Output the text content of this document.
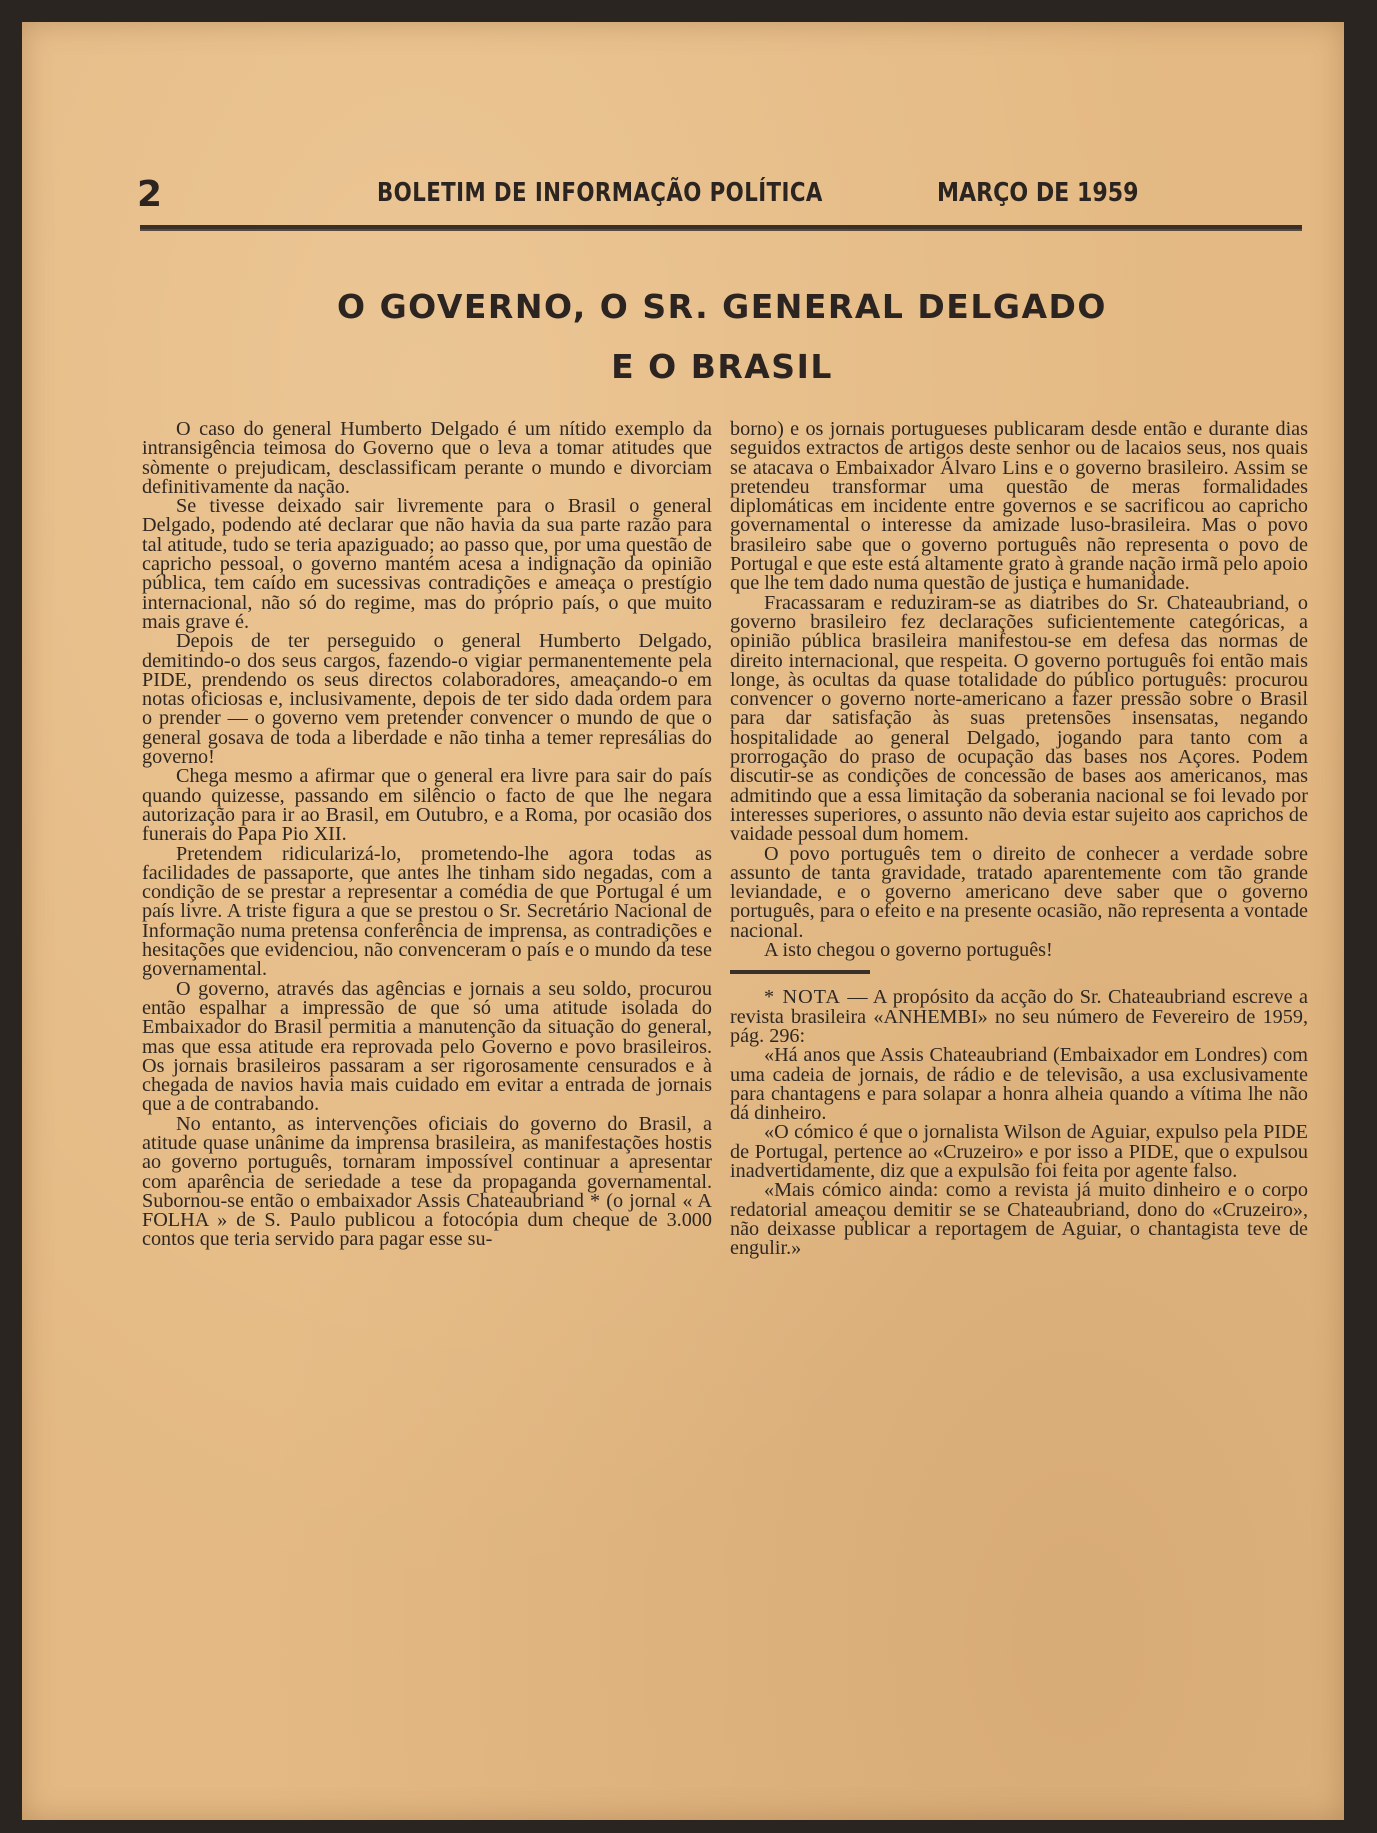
2	BOLETIM DE INFORMAÇÃO POLÍTICA	MARÇO DE 1959
O GOVERNO, O SR. GENERAL DELGADO
E O BRASIL

O caso do general Humberto Delgado é um nítido exemplo da intransigência teimosa do Governo que o leva a tomar atitudes que sòmente o prejudicam, desclassificam perante o mundo e divorciam definitivamente da nação.

Se tivesse deixado sair livremente para o Brasil o general Delgado, podendo até declarar que não havia da sua parte razão para tal atitude, tudo se teria apaziguado; ao passo que, por uma questão de capricho pessoal, o governo mantém acesa a indignação da opinião pública, tem caído em sucessivas contradições e ameaça o prestígio internacional, não só do regime, mas do próprio país, o que muito mais grave é.

Depois de ter perseguido o general Humberto Delgado, demitindo-o dos seus cargos, fazendo-o vigiar permanentemente pela PIDE, prendendo os seus directos colaboradores, ameaçando-o em notas oficiosas e, inclusivamente, depois de ter sido dada ordem para o prender — o governo vem pretender convencer o mundo de que o general gosava de toda a liberdade e não tinha a temer represálias do governo!

Chega mesmo a afirmar que o general era livre para sair do país quando quizesse, passando em silêncio o facto de que lhe negara autorização para ir ao Brasil, em Outubro, e a Roma, por ocasião dos funerais do Papa Pio XII.

Pretendem ridicularizá-lo, prometendo-lhe agora todas as facilidades de passaporte, que antes lhe tinham sido negadas, com a condição de se prestar a representar a comédia de que Portugal é um país livre. A triste figura a que se prestou o Sr. Secretário Nacional de Informação numa pretensa conferência de imprensa, as contradições e hesitações que evidenciou, não convenceram o país e o mundo da tese governamental.

O governo, através das agências e jornais a seu soldo, procurou então espalhar a impressão de que só uma atitude isolada do Embaixador do Brasil permitia a manutenção da situação do general, mas que essa atitude era reprovada pelo Governo e povo brasileiros. Os jornais brasileiros passaram a ser rigorosamente censurados e à chegada de navios havia mais cuidado em evitar a entrada de jornais que a de contrabando.

No entanto, as intervenções oficiais do governo do Brasil, a atitude quase unânime da imprensa brasileira, as manifestações hostis ao governo português, tornaram impossível continuar a apresentar com aparência de seriedade a tese da propaganda governamental. Subornou-se então o embaixador Assis Chateaubriand * (o jornal « A FOLHA » de S. Paulo publicou a fotocópia dum cheque de 3.000 contos que teria servido para pagar esse su-

borno) e os jornais portugueses publicaram desde então e durante dias seguidos extractos de artigos deste senhor ou de lacaios seus, nos quais se atacava o Embaixador Álvaro Lins e o governo brasileiro. Assim se pretendeu transformar uma questão de meras formalidades diplomáticas em incidente entre governos e se sacrificou ao capricho governamental o interesse da amizade luso-brasileira. Mas o povo brasileiro sabe que o governo português não representa o povo de Portugal e que este está altamente grato à grande nação irmã pelo apoio que lhe tem dado numa questão de justiça e humanidade.

Fracassaram e reduziram-se as diatribes do Sr. Chateaubriand, o governo brasileiro fez declarações suficientemente categóricas, a opinião pública brasileira manifestou-se em defesa das normas de direito internacional, que respeita. O governo português foi então mais longe, às ocultas da quase totalidade do público português: procurou convencer o governo norte-americano a fazer pressão sobre o Brasil para dar satisfação às suas pretensões insensatas, negando hospitalidade ao general Delgado, jogando para tanto com a prorrogação do praso de ocupação das bases nos Açores. Podem discutir-se as condições de concessão de bases aos americanos, mas admitindo que a essa limitação da soberania nacional se foi levado por interesses superiores, o assunto não devia estar sujeito aos caprichos de vaidade pessoal dum homem.

O povo português tem o direito de conhecer a verdade sobre assunto de tanta gravidade, tratado aparentemente com tão grande leviandade, e o governo americano deve saber que o governo português, para o efeito e na presente ocasião, não representa a vontade nacional.

A isto chegou o governo português!

* NOTA — A propósito da acção do Sr. Chateaubriand escreve a revista brasileira «ANHEMBI» no seu número de Fevereiro de 1959, pág. 296:

«Há anos que Assis Chateaubriand (Embaixador em Londres) com uma cadeia de jornais, de rádio e de televisão, a usa exclusivamente para chantagens e para solapar a honra alheia quando a vítima lhe não dá dinheiro.

«O cómico é que o jornalista Wilson de Aguiar, expulso pela PIDE de Portugal, pertence ao «Cruzeiro» e por isso a PIDE, que o expulsou inadvertidamente, diz que a expulsão foi feita por agente falso.

«Mais cómico ainda: como a revista já muito dinheiro e o corpo redatorial ameaçou demitir se se Chateaubriand, dono do «Cruzeiro», não deixasse publicar a reportagem de Aguiar, o chantagista teve de engulir.»
